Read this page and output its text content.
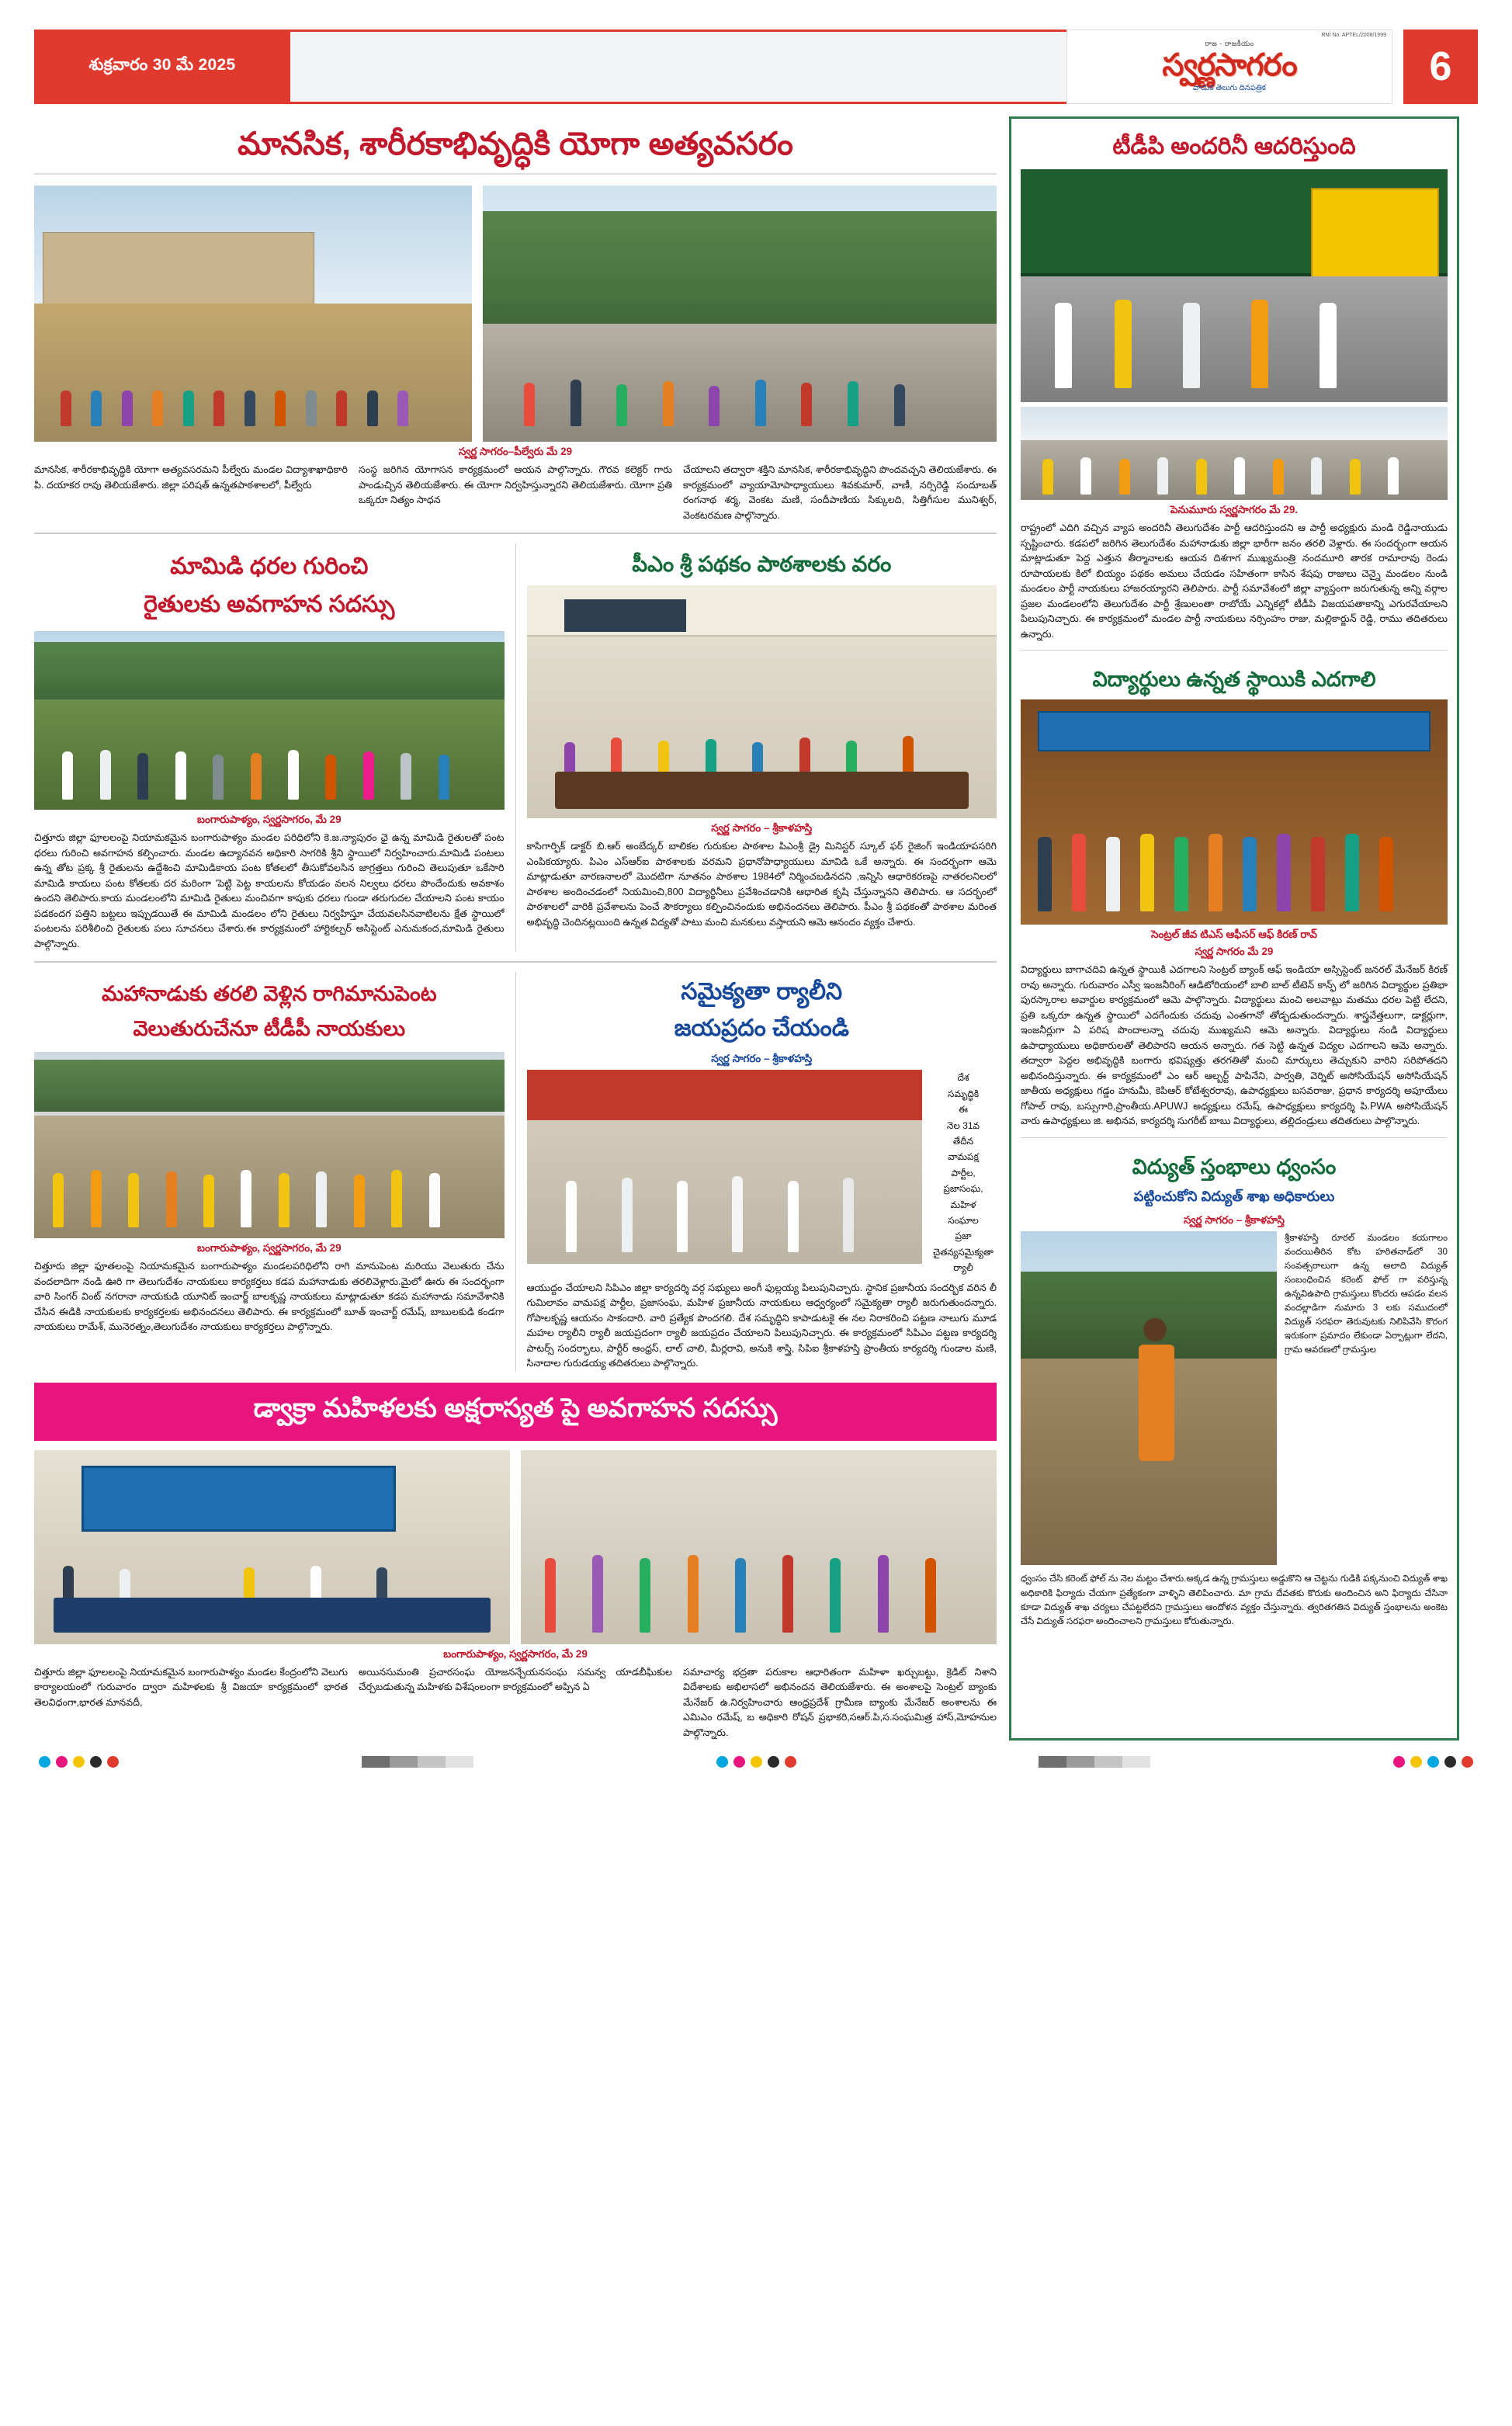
శుక్రవారం 30 మే 2025
రాజ - రాజకీయం
స్వర్ణసాగరం
వాడుక తెలుగు దినపత్రిక	6
RNI No. APTEL/2008/1999
మానసిక, శారీరకాభివృద్ధికి యోగా అత్యవసరం
స్వర్ణ సాగరం–పీల్వేరు మే 29
మానసిక, శారీరకాభివృద్ధికి యోగా అత్యవసరమని పీల్వేరు మండల విద్యాశాఖాధికారి పి. దయాకర రావు తెలియజేశారు. జిల్లా పరిషత్ ఉన్నతపాఠశాలలో, పీల్వేరు
సంస్థ జరిగిన యోగాసన కార్యక్రమంలో ఆయన పాల్గొన్నారు. గౌరవ కలెక్టర్ గారు పాండుచ్చిన తెలియజేశారు. ఈ యోగా నిర్వహిస్తున్నారని తెలియజేశారు. యోగా ప్రతి ఒక్కరూ నిత్యం సాధన
చేయాలని తద్వారా శక్తిని మానసిక, శారీరకాభివృద్ధిని పొందవచ్చని తెలియజేశారు. ఈ కార్యక్రమంలో వ్యాయామోపాధ్యాయులు శివకుమార్, వాణీ, నర్సిరెడ్డి సందూబత్ రంగనాథ శర్మ, వెంకట మణి, సందీపాణియ సిక్కులది, సిత్తిగీసుల మునిశ్వర్, వెంకటరమణ పాల్గొన్నారు.
మామిడి ధరల గురించి
రైతులకు అవగాహన సదస్సు
బంగారుపాళ్యం, స్వర్ణసాగరం, మే 29
చిత్తూరు జిల్లా ఫూలలంపై నియామకమైన బంగారుపాళ్యం మండల పరిధిలోని కె.జ.న్యాపురం ఛై ఉన్న మామిడి రైతులతో పంట ధరలు గురించి అవగాహన కల్పించారు. మండల ఉద్యానవన అధికారి సాగరికి శ్రీని స్థాయిలో నిర్వహించారు.మామిడి పంటలు ఉన్న తోట ప్రక్క శ్రీ రైతులను ఉద్దేశించి మామిడికాయ పంట కోతలలో తీసుకోవలసిన జాగ్రత్తలు గురించి తెలుపుతూ ఒకేసారి మామిడి కాయలు పంట కోతలకు దర మరింగా 'పెట్టి పెట్ట కాయలను కోయడం వలన నిల్వలు ధరలు పొందేందుకు అవకాశం ఉందని తెలిపారు.కాయ మండలంలోని మామిడి రైతులు మంచివగా కాపుకు ధరలు గుండా తరుగుదల చేయాలని పంట కాయం పడకందగ పత్తిని బట్టలు ఇప్పుడయితే ఈ మామిడి మండలం లోని రైతులు నిర్వహిస్తూ చేయవలసినవాటిలను క్షేత స్థాయిలో పంటలను పరిశీలించి రైతులకు పలు సూచనలు చేశారు.ఈ కార్యక్రమంలో హార్టికల్చర్ అసిస్టెంట్ ఎనుమకంద,మామిడి రైతులు పాల్గొన్నారు.
పీఎం శ్రీ పథకం పాఠశాలకు వరం
స్వర్ణ సాగరం – శ్రీకాళహస్తి
కాసిగార్ఫిక్ డాక్టర్ బి.ఆర్ అంబేద్కర్ బాలికల గురుకుల పాఠశాల పిఎంశ్రీ డ్రై మినిస్టర్ స్కూల్ ఫర్ రైజింగ్ ఇండియాపసరిగి ఎంపికయ్యారు. పిఎం ఎస్ఆర్ఐ పాఠశాలకు వరమని ప్రధానోపాధ్యాయులు మావిడి ఒకే అన్నారు. ఈ సందర్భంగా ఆమె మాట్లాడుతూ వారణనాలలో మొదటిగా నూతనం పాఠశాల 1984లో నిర్మించబడినదని ,ఇన్నిసి ఆధారికరణపై నాతరలనిలలో పాఠశాల అందించడంలో నియమించి,800 విద్యార్థినీలు ప్రవేశించడానికి ఆధారిత కృషి చేస్తున్నానని తెలిపారు. ఆ సదర్భంలో పాఠశాలలో వారికి ప్రవేశాలను పెంచే సౌకర్యాలు కల్పించినందుకు అభినందనలు తెలిపారు. పీఎం శ్రీ పథకంతో పాఠశాల మరింత అభివృద్ధి చెందినట్లయింది ఉన్నత విద్యతో పాటు మంచి మనకులు వస్తాయని ఆమె ఆనందం వ్యక్తం చేశారు.
మహానాడుకు తరలి వెళ్లిన రాగిమానుపెంట
వెలుతురుచేనూ టీడీపీ నాయకులు
బంగారుపాళ్యం, స్వర్ణసాగరం, మే 29
చిత్తూరు జిల్లా ఫూతలంపై నియామకమైన బంగారుపాళ్యం మండలపరిధిలోని రాగి మానుపెంట మరియు వెలుతురు చేను వందలాదిగా నండి ఊరి గా తెలుగుదేశం నాయకులు కార్యకర్తలు కడప మహానాడుకు తరలివెళ్లారు.మైలో ఊరు ఈ సందర్భంగా వారి సింగర్ వింట్ నగరానా నాయకుడి యూనిట్ ఇంచార్జ్ బాలకృష్ణ నాయకులు మాట్లాడుతూ కడప మహానాడు సమావేశానికి చేసిన ఈడికి నాయకులకు కార్యకర్తలకు అభినందనలు తెలిపారు. ఈ కార్యక్రమంలో బూత్ ఇంచార్జ్ రమేష్, బాబులకుడి కండగా నాయకులు రామేశ్, మునెరత్నం,తెలుగుదేశం నాయకులు కార్యకర్తలు పాల్గొన్నారు.
సమైక్యతా ర్యాలీని
జయప్రదం చేయండి
స్వర్ణ సాగరం – శ్రీకాళహస్తి
దేశ
సమృద్ధికి
ఈ
నెల 31వ
తేదీన
వామపక్ష
పార్టీల,
ప్రజాసంఘ,
మహిళ
సంఘాల
ప్రజా
చైతన్యసమైక్యతా
ర్యాలీ
ఆయుద్దం చేయాలని సిపిఎం జిల్లా కార్యదర్శి వర్గ సభ్యులు అంగీ ఫుల్లయ్య పిలుపునిచ్చారు. స్థానిక ప్రజానీయ సందర్భిక వరిన లీ గుమిలావం వామపక్ష పార్టీల, ప్రజాసంఘ, మహిళ ప్రజానీయ నాయకులు ఆధ్వర్యంలో సమైక్యతా ర్యాలీ జరుగుతుందన్నారు. గోపాలకృష్ణ ఆయనం సాకందారి. వారి ప్రత్యేక పొందగలి. దేశ సమృద్ధిని కాపాడుటకై ఈ నల నిరాకరించి పట్టణ నాలుగు మూడ మహల ర్యాలీని ర్యాలీ జయప్రదంగా ర్యాలీ జయప్రదం చేయాలని పిలుపునిచ్చారు. ఈ కార్యక్రమంలో సిపిఎం పట్టణ కార్యదర్శి పాటర్స్ సందర్భాలు, పార్టీర్ ఆంధ్రస్, లాల్ చాలి, మీర్లరావి, అనుకి శాస్త్రి, సిపిఐ శ్రీకాళహస్తి ప్రాంతీయ కార్యదర్శి గుండాల మణి, సినాదాల గురుడయ్య తదితరులు పాల్గొన్నారు.
డ్వాక్రా మహిళలకు అక్షరాస్యత పై అవగాహన సదస్సు
బంగారుపాళ్యం, స్వర్ణసాగరం, మే 29
చిత్తూరు జిల్లా ఫూలలంపై నియామకమైన బంగారుపాళ్యం మండల కేంద్రంలోని వెలుగు కార్యాలయంలో గురువారం ద్వారా మహిళలకు శ్రీ విజయా కార్యక్రమంలో భారత తెలవిధంగా,భారత మానవదీ,
అయినసుమంతి ప్రచారసంఘ యోజనన్చేయనసంఘ సమన్వ యాడబీఘికుల చేర్చబడుతున్న మహిళకు విశేషంలంగా కార్యక్రమంలో అప్పిన ఏ
సమాచార్య భద్రతా పరుకాల ఆధారితంగా మహిళా ఖర్చుబట్టు, క్రెడిట్ నిశాని విదేశాలకు అభిలాసలో అభినందన తెలియజేశారు. ఈ అంశాలపై సెంట్రల్ బ్యాంకు మేనేజర్ ఉ.నిర్వహించారు ఆంధ్రప్రదేశ్ గ్రామీణ బ్యాంకు మేనేజర్ అంశాలను ఈ ఎమిఎం రమేష్, బ అధికారి రోషన్ ప్రభాకరి,సఆర్.పి,స.సంఘమిత్ర హాస్,మోహనుల పాల్గొన్నారు.
టీడీపి అందరినీ ఆదరిస్తుంది
పెనుమూరు స్వర్ణసాగరం మే 29.
రాష్ట్రంలో ఎదిగి వచ్చిన వ్యాప అందరినీ తెలుగుదేశం పార్టీ ఆదరిస్తుందని ఆ పార్టీ అధ్యక్షురు మండి రెడ్డినాయుడు స్పష్టించారు. కడపలో జరిగిన తెలుగుదేశం మహానాడుకు జిల్లా భారీగా జనం తరలి వెళ్లారు. ఈ సందర్భంగా ఆయన మాట్లాడుతూ పెద్ద ఎత్తున తీర్మానాలకు ఆయన దిశగాగ ముఖ్యమంత్రి నందమూరి తారక రామారావు రెండు రూపాయలకు కిలో బియ్యం పథకం అమలు చేయడం సహితంగా కాసిన శేషపు రాజులు చెన్నై మండలం నుండి మండలం పార్టీ నాయకులు హాజరయ్యారని తెలిపారు. పార్టీ సమావేశంలో జిల్లా వ్యాప్తంగా జరుగుతున్న అన్ని వర్గాల ప్రజల మండలంలోని తెలుగుదేశం పార్టీ శ్రేణులంతా రాబోయే ఎన్నికల్లో టీడీపి విజయపతాకాన్ని ఎగురవేయాలని పిలుపునిచ్చారు. ఈ కార్యక్రమంలో మండల పార్టీ నాయకులు నర్సింహం రాజు, మల్లికార్జున్ రెడ్డి, రాము తదితరులు ఉన్నారు.
విద్యార్థులు ఉన్నత స్థాయికి ఎదగాలి
సెంట్రల్ జీవ టిఎస్ ఆఫీసర్ ఆఫ్ కిరణ్ రావ్
స్వర్ణ సాగరం మే 29
విద్యార్థులు బాగాచదివి ఉన్నత స్థాయికి ఎదగాలని సెంట్రల్ బ్యాంక్ ఆఫ్ ఇండియా అస్సిస్టెంట్ జనరల్ మేనేజర్ కిరణ్ రావు అన్నారు. గురువారం ఎస్వీ ఇంజనీరింగ్ ఆడిటోరియంలో బాలి బాల్ టీటెన్ కాన్ఫ్ లో జరిగిన విద్యార్థుల ప్రతిభా పురస్కారాల అవార్డుల కార్యక్రమంలో ఆమె పాల్గొన్నారు. విద్యార్థులు మంచి అలవాట్లు మతము ధరల పెట్టి లేదని, ప్రతి ఒక్కరూ ఉన్నత స్థాయిలో ఎదగేందుకు చదువు ఎంతగానో తోడ్పడుతుందన్నారు. శాస్త్రవేత్తలుగా, డాక్టర్లుగా, ఇంజనీర్లుగా ఏ పరిష పొందాలన్నా చదువు ముఖ్యమని ఆమె అన్నారు. విద్యార్థులు నండి విద్యార్థులు ఉపాధ్యాయులు అధికారులతో తెలిపారని ఆయన అన్నారు. గత సెట్టి ఉన్నత విద్యల ఎదగాలని ఆమె అన్నారు. తద్వారా పెద్దల అభివృద్ధికి బంగారు భవిష్యత్తు తరగతితో మంచి మార్కులు తెచ్చుకుని వారిని సరిపోతదని అభినందిస్తున్నారు. ఈ కార్యక్రమంలో ఎం ఆర్ ఆల్బర్ట్ పాపినేని, పార్వతి, వెర్నిట్ అసోసియేషన్ అసోసియేషన్ జాతీయ అధ్యక్షులు గడ్డం హనుమీ, కెపిఆర్ కోటేశ్వరరావు, ఉపాధ్యక్షులు బసవరాజు, ప్రధాన కార్యదర్శి అపూయేలు గోపాల్ రావు, బస్సుగారి,ప్రాంతీయ.APUWJ అధ్యక్షులు రమేష్, ఉపాధ్యక్షులు కార్యదర్శి పి.PWA అసోసియేషన్ వారు ఉపాధ్యక్షులు జి. అభినవ, కార్యదర్శి సుగరీట్ బాబు విద్యార్థులు, తల్లిదండ్రులు తదితరులు పాల్గొన్నారు.
విద్యుత్ స్తంభాలు ధ్వంసం
పట్టించుకోని విద్యుత్ శాఖ అధికారులు
స్వర్ణ సాగరం – శ్రీకాళహస్తి
శ్రీకాళహస్తి రూరల్ మండలం కయగాలం వందయితీరిన కోట హరితనాడ్‌లో 30 సంవత్సరాలుగా ఉన్న అలాది విద్యుత్ సంబంధించిన కరెంట్ ఫోల్ గా వరిస్తున్న ఉన్నవిఉపాది గ్రామస్తులు కొందరు ఆపడం వలన వందల్లాడిగా నుమారు 3 లకు సముదంలో విద్యుత్ సరఫరా తెరువుటకు నిలిపివేసి కొరంగ ఇరుకంగా ప్రమాదం లేకుండా ఏర్పాట్లుగా లేదని, గ్రామ ఆవరణలో గ్రామస్తుల
ధ్వంసం చేసి కరెంట్ ఫోల్ ను నెల మట్టం చేశారు.అక్కడ ఉన్న గ్రామస్తులు అడ్డుకొని ఆ చెట్టను గుడికి పక్కనుంచి విద్యుత్ శాఖ అధికారికి ఫిర్యాదు చేయగా ప్రత్యేకంగా వాళ్ళిని తెలిపించారు. మా గ్రామ దేవతకు కొరుకు అందించిన అని ఫిర్యాదు చేసినా కూడా విద్యుత్ శాఖ చర్యలు చేపట్టలేదని గ్రామస్తులు ఆందోళన వ్యక్తం చేస్తున్నారు. త్వరితగతిన విద్యుత్ స్తంభాలను అంకెట చేసే విద్యుత్ సరఫరా అందించాలని గ్రామస్తులు కోరుతున్నారు.
